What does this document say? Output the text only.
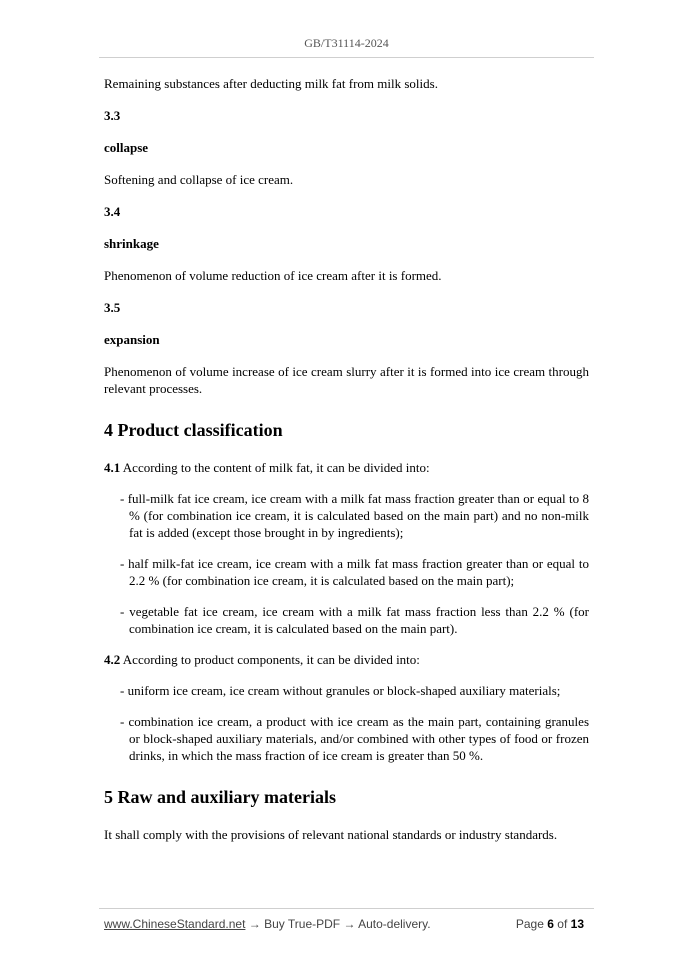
GB/T31114-2024

Remaining substances after deducting milk fat from milk solids.

3.3

collapse

Softening and collapse of ice cream.

3.4

shrinkage

Phenomenon of volume reduction of ice cream after it is formed.

3.5

expansion

Phenomenon of volume increase of ice cream slurry after it is formed into ice cream through relevant processes.

4 Product classification

4.1 According to the content of milk fat, it can be divided into:

- full-milk fat ice cream, ice cream with a milk fat mass fraction greater than or equal to 8 % (for combination ice cream, it is calculated based on the main part) and no non-milk fat is added (except those brought in by ingredients);

- half milk-fat ice cream, ice cream with a milk fat mass fraction greater than or equal to 2.2 % (for combination ice cream, it is calculated based on the main part);

- vegetable fat ice cream, ice cream with a milk fat mass fraction less than 2.2 % (for combination ice cream, it is calculated based on the main part).

4.2 According to product components, it can be divided into:

- uniform ice cream, ice cream without granules or block-shaped auxiliary materials;

- combination ice cream, a product with ice cream as the main part, containing granules or block-shaped auxiliary materials, and/or combined with other types of food or frozen drinks, in which the mass fraction of ice cream is greater than 50 %.

5 Raw and auxiliary materials

It shall comply with the provisions of relevant national standards or industry standards.

www.ChineseStandard.net → Buy True-PDF → Auto-delivery.	Page 6 of 13
